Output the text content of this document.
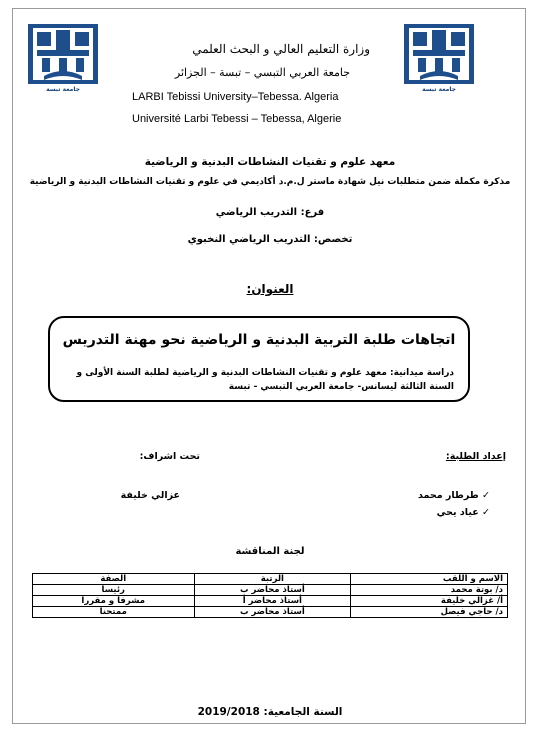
جامعة تبسة	جامعة تبسة
وزارة التعليم العالي و البحث العلمي
جامعة العربي التبسي – تبسة – الجزائر
LARBI Tebissi University–Tebessa. Algeria
Université Larbi Tebessi – Tebessa, Algerie
معهد علوم و تقنيات النشاطات البدنية و الرياضية
مذكرة مكملة ضمن متطلبات نيل شهادة ماستر ل.م.د أكاديمي في علوم و تقنيات النشاطات البدنية و الرياضية
فرع: التدريب الرياضي
تخصص: التدريب الرياضي النخبوي
العنوان:
اتجاهات طلبة التربية البدنية و الرياضية نحو مهنة التدريس
دراسة ميدانية: معهد علوم و تقنيات النشاطات البدنية و الرياضية لطلبة السنة الأولى و السنة الثالثة ليسانس- جامعة العربي التبسي - تبسة
إعداد الطلبة:
تحت اشراف:
✓ طرطار محمد
✓ عياد يحي
عزالي خليفة
لجنة المناقشة
الاسم و اللقب	الرتبة	الصفة
د/ بوتة محمد	أستاذ محاضر ب	رئيسا
أ/ غزالي خليفة	أستاذ محاضر أ	مشرفا و مقررا
د/ حاجي فيصل	أستاذ محاضر ب	ممتحنا
السنة الجامعية: 2019/2018
